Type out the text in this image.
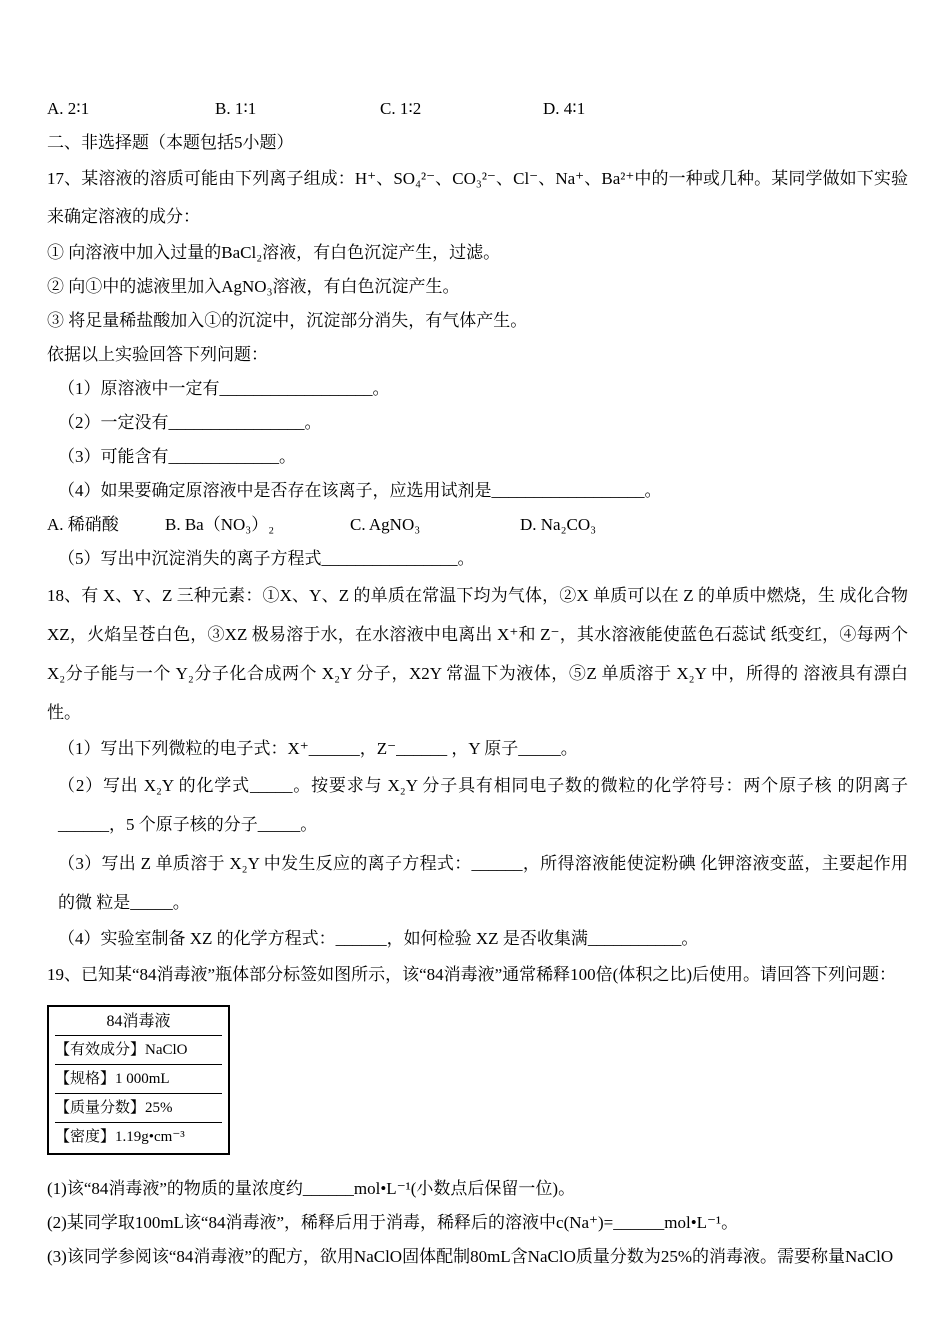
A. 2∶1	B. 1∶1	C. 1∶2	D. 4∶1
二、非选择题（本题包括5小题）
17、某溶液的溶质可能由下列离子组成：H⁺、SO₄²⁻、CO₃²⁻、Cl⁻、Na⁺、Ba²⁺中的一种或几种。某同学做如下实验来确定溶液的成分：
① 向溶液中加入过量的BaCl₂溶液，有白色沉淀产生，过滤。
② 向①中的滤液里加入AgNO₃溶液，有白色沉淀产生。
③ 将足量稀盐酸加入①的沉淀中，沉淀部分消失，有气体产生。
依据以上实验回答下列问题：
（1）原溶液中一定有__________________。
（2）一定没有________________。
（3）可能含有_____________。
（4）如果要确定原溶液中是否存在该离子，应选用试剂是__________________。
A. 稀硝酸	B. Ba（NO₃）₂	C. AgNO₃	D. Na₂CO₃
（5）写出中沉淀消失的离子方程式________________。
18、有 X、Y、Z 三种元素：①X、Y、Z 的单质在常温下均为气体，②X 单质可以在 Z 的单质中燃烧，生 成化合物 XZ，火焰呈苍白色，③XZ 极易溶于水，在水溶液中电离出 X⁺和 Z⁻，其水溶液能使蓝色石蕊试 纸变红，④每两个 X₂分子能与一个 Y₂分子化合成两个 X₂Y 分子，X2Y 常温下为液体，⑤Z 单质溶于 X₂Y 中，所得的 溶液具有漂白性。
（1）写出下列微粒的电子式：X⁺______，Z⁻______ ，Y 原子_____。
（2）写出 X₂Y 的化学式_____。按要求与 X₂Y 分子具有相同电子数的微粒的化学符号：两个原子核 的阴离子______，5 个原子核的分子_____。
（3）写出 Z 单质溶于 X₂Y 中发生反应的离子方程式：______，所得溶液能使淀粉碘 化钾溶液变蓝，主要起作用的微 粒是_____。
（4）实验室制备 XZ 的化学方程式：______，如何检验 XZ 是否收集满___________。
19、已知某“84消毒液”瓶体部分标签如图所示，该“84消毒液”通常稀释100倍(体积之比)后使用。请回答下列问题：
84消毒液
【有效成分】NaClO
【规格】1 000mL
【质量分数】25%
【密度】1.19g•cm⁻³
(1)该“84消毒液”的物质的量浓度约______mol•L⁻¹(小数点后保留一位)。
(2)某同学取100mL该“84消毒液”，稀释后用于消毒，稀释后的溶液中c(Na⁺)=______mol•L⁻¹。
(3)该同学参阅该“84消毒液”的配方，欲用NaClO固体配制80mL含NaClO质量分数为25%的消毒液。需要称量NaClO
